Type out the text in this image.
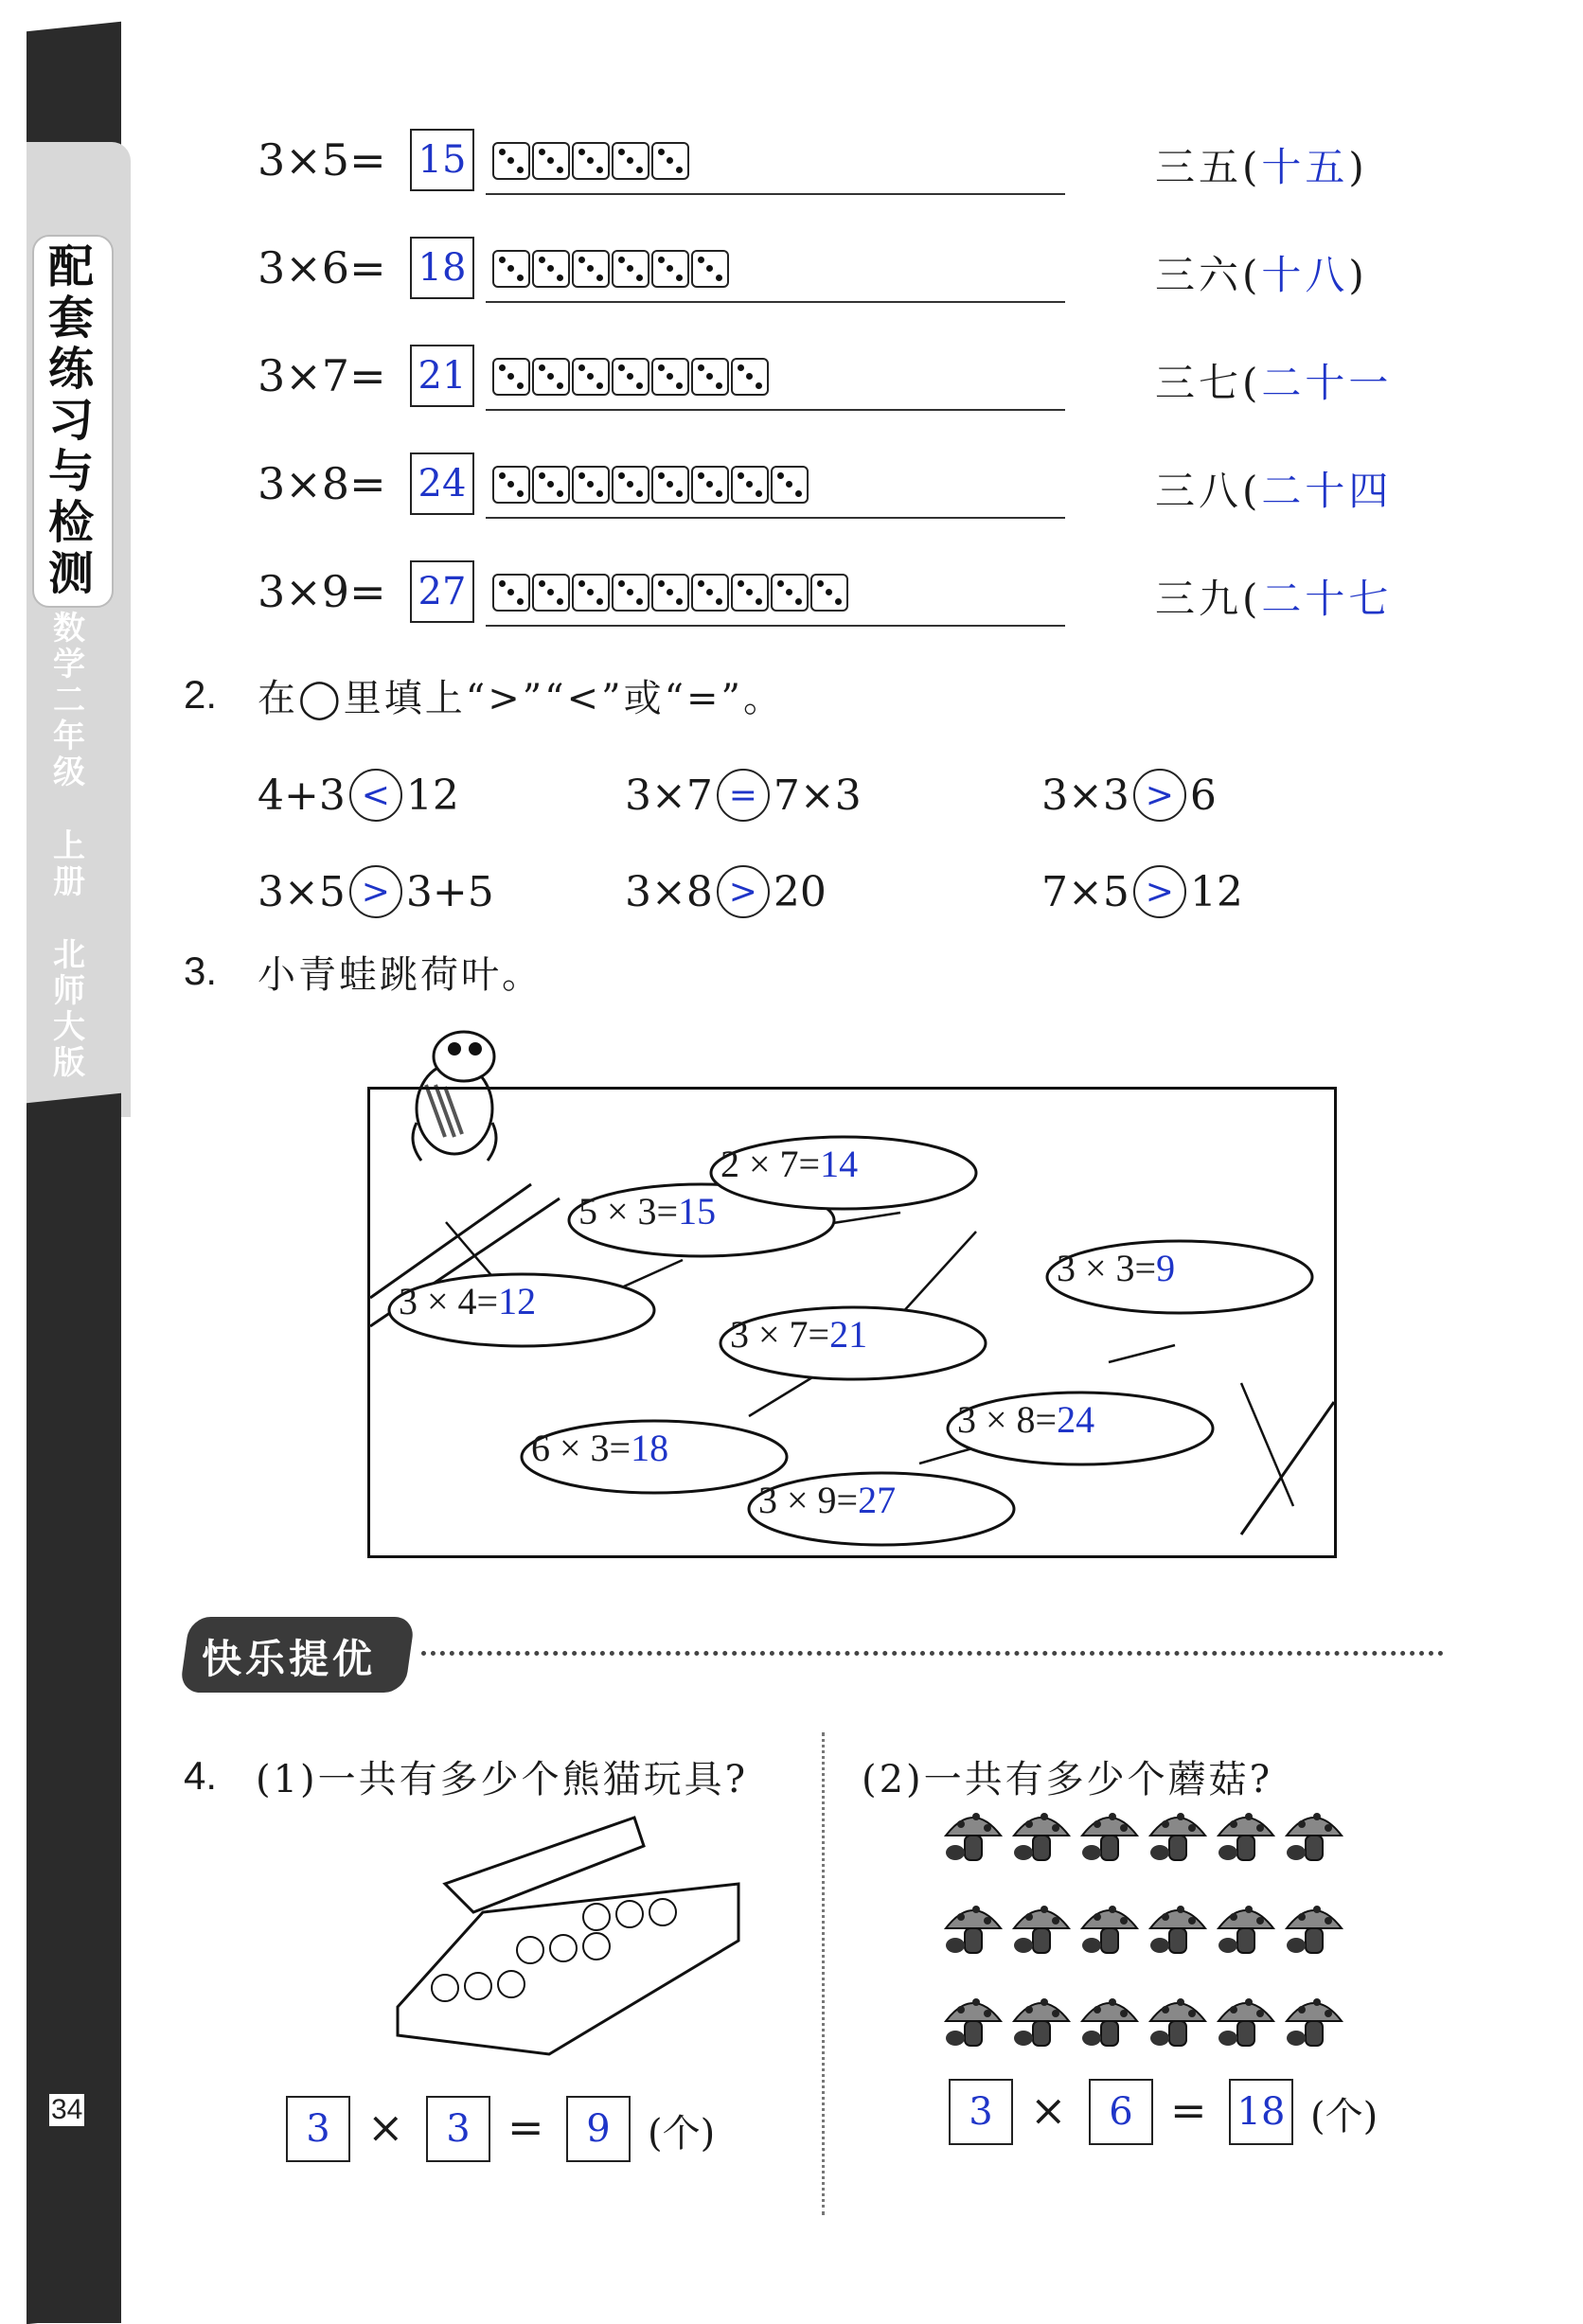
配套练习与检测
数学二年级
上册
北师大版
34
3×5= 15	三五(十五)
3×6= 18	三六(十八)
3×7= 21	三七(二十一
3×8= 24	三八(二十四
3×9= 27	三九(二十七
2. 在◯里填上“>”“<”或“=”。
4+3 < 12	3×7 = 7×3	3×3 > 6
3×5 > 3+5	3×8 > 20	7×5 > 12
3. 小青蛙跳荷叶。
3 × 4=12
5 × 3=15
2 × 7=14
3 × 7=21
6 × 3=18
3 × 9=27
3 × 8=24
3 × 3=9
快乐提优
4. (1)一共有多少个熊猫玩具?	(2)一共有多少个蘑菇?
3 ×	3 =	9 (个)	3 ×	6 = 18 (个)
